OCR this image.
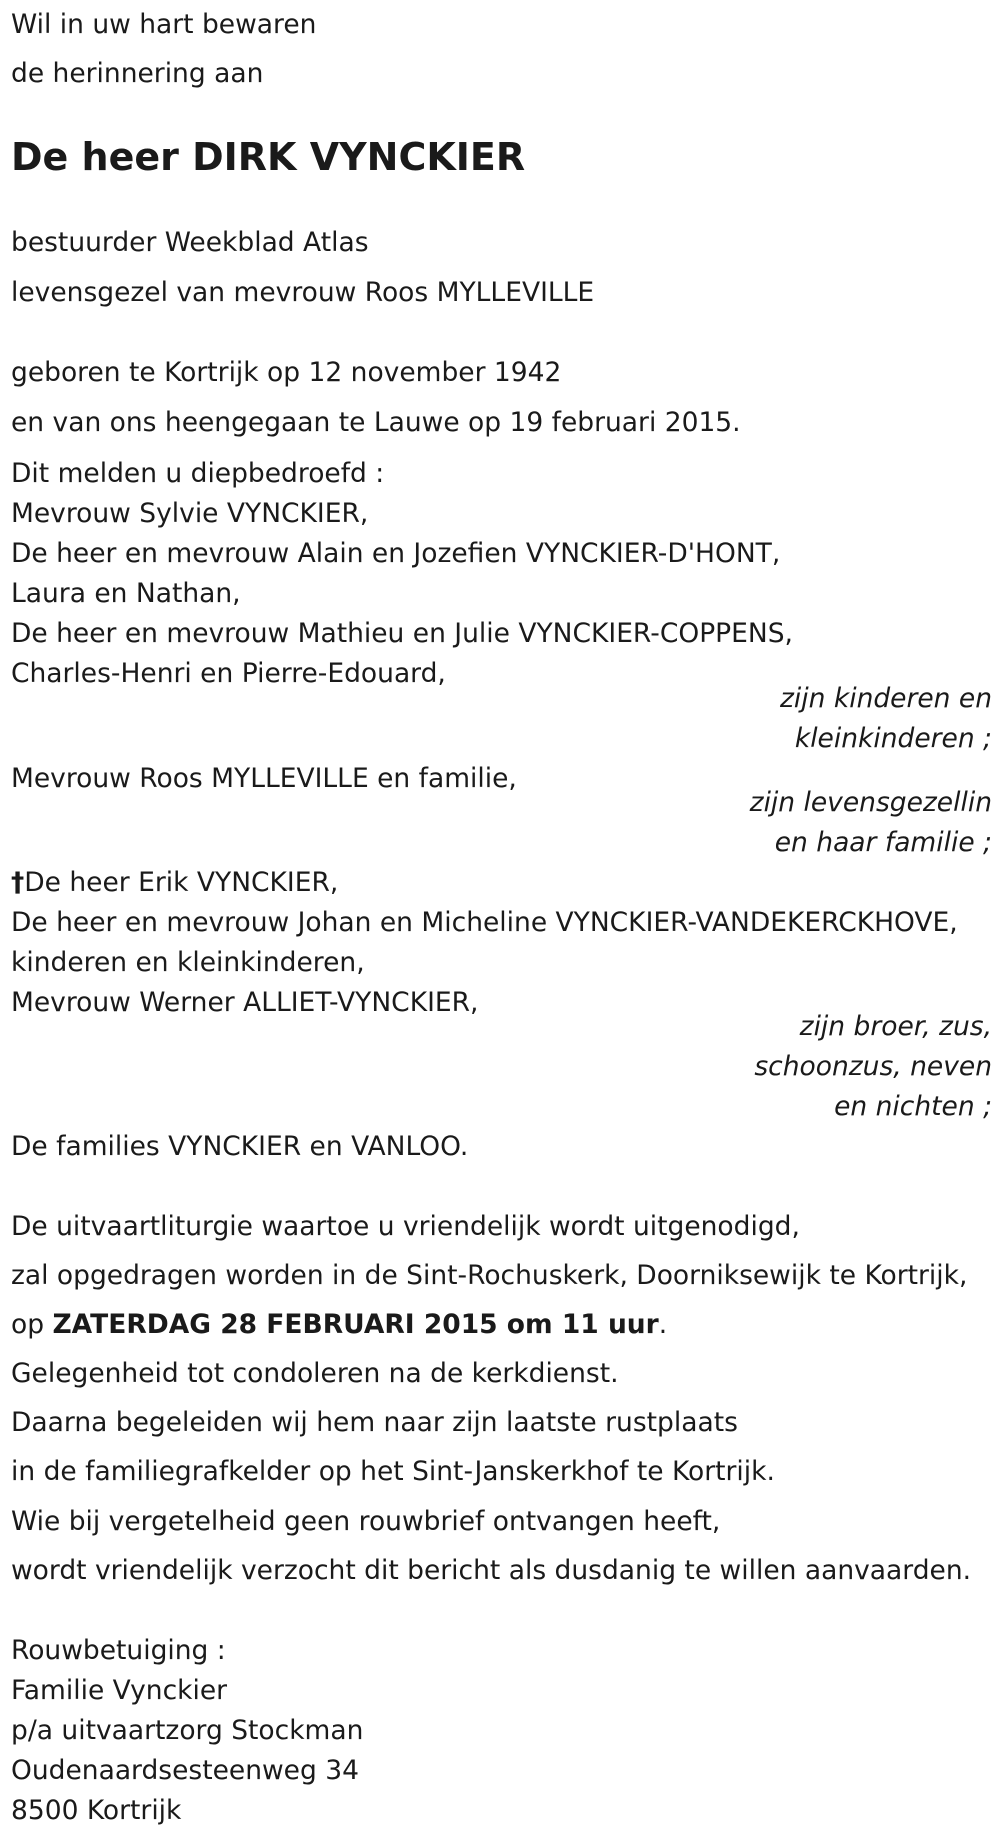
Wil in uw hart bewaren
de herinnering aan
De heer DIRK VYNCKIER
bestuurder Weekblad Atlas
levensgezel van mevrouw Roos MYLLEVILLE
geboren te Kortrijk op 12 november 1942
en van ons heengegaan te Lauwe op 19 februari 2015.
Dit melden u diepbedroefd :
Mevrouw Sylvie VYNCKIER,
De heer en mevrouw Alain en Jozefien VYNCKIER-D'HONT,
Laura en Nathan,
De heer en mevrouw Mathieu en Julie VYNCKIER-COPPENS,
Charles-Henri en Pierre-Edouard,
zijn kinderen en
kleinkinderen ;
Mevrouw Roos MYLLEVILLE en familie,
zijn levensgezellin
en haar familie ;
†De heer Erik VYNCKIER,
De heer en mevrouw Johan en Micheline VYNCKIER-VANDEKERCKHOVE,
kinderen en kleinkinderen,
Mevrouw Werner ALLIET-VYNCKIER,
zijn broer, zus,
schoonzus, neven
en nichten ;
De families VYNCKIER en VANLOO.
De uitvaartliturgie waartoe u vriendelijk wordt uitgenodigd,
zal opgedragen worden in de Sint-Rochuskerk, Doorniksewijk te Kortrijk,
op ZATERDAG 28 FEBRUARI 2015 om 11 uur.
Gelegenheid tot condoleren na de kerkdienst.
Daarna begeleiden wij hem naar zijn laatste rustplaats
in de familiegrafkelder op het Sint-Janskerkhof te Kortrijk.
Wie bij vergetelheid geen rouwbrief ontvangen heeft,
wordt vriendelijk verzocht dit bericht als dusdanig te willen aanvaarden.
Rouwbetuiging :
Familie Vynckier
p/a uitvaartzorg Stockman
Oudenaardsesteenweg 34
8500 Kortrijk
